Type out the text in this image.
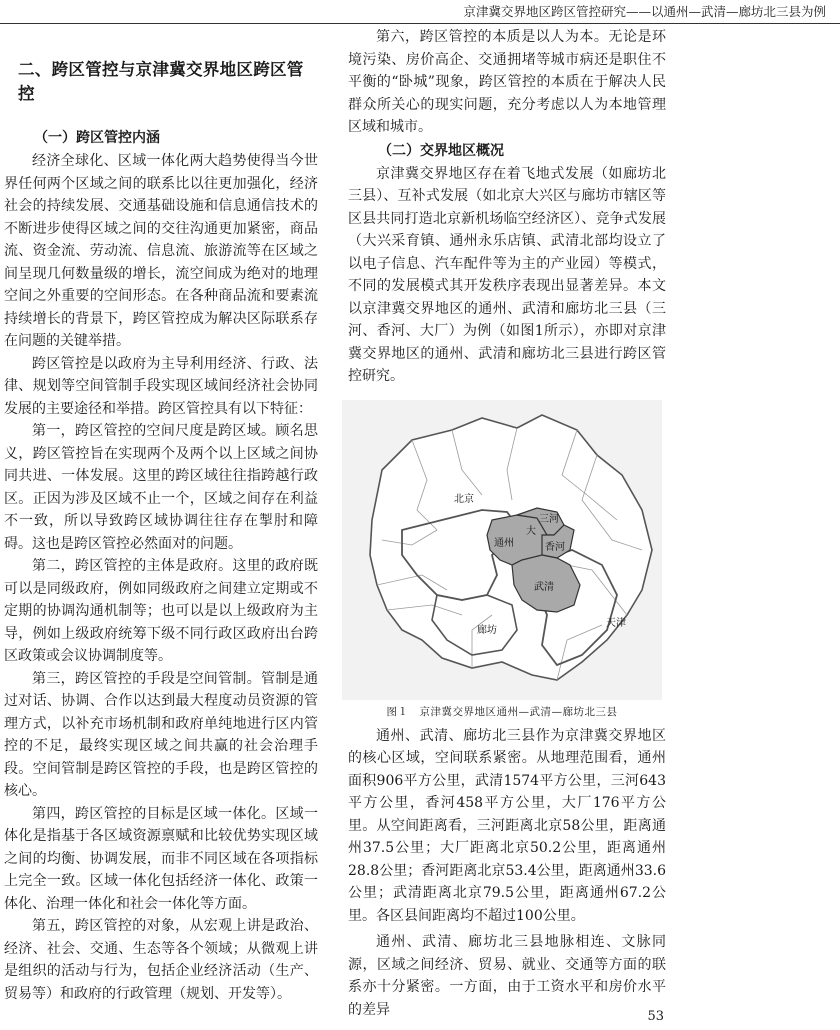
京津冀交界地区跨区管控研究——以通州—武清—廊坊北三县为例
二、跨区管控与京津冀交界地区跨区管控
（一）跨区管控内涵

经济全球化、区域一体化两大趋势使得当今世界任何两个区域之间的联系比以往更加强化，经济社会的持续发展、交通基础设施和信息通信技术的不断进步使得区域之间的交往沟通更加紧密，商品流、资金流、劳动流、信息流、旅游流等在区域之间呈现几何数量级的增长，流空间成为绝对的地理空间之外重要的空间形态。在各种商品流和要素流持续增长的背景下，跨区管控成为解决区际联系存在问题的关键举措。

跨区管控是以政府为主导利用经济、行政、法律、规划等空间管制手段实现区域间经济社会协同发展的主要途径和举措。跨区管控具有以下特征：

第一，跨区管控的空间尺度是跨区域。顾名思义，跨区管控旨在实现两个及两个以上区域之间协同共进、一体发展。这里的跨区域往往指跨越行政区。正因为涉及区域不止一个，区域之间存在利益不一致，所以导致跨区域协调往往存在掣肘和障碍。这也是跨区管控必然面对的问题。

第二，跨区管控的主体是政府。这里的政府既可以是同级政府，例如同级政府之间建立定期或不定期的协调沟通机制等；也可以是以上级政府为主导，例如上级政府统筹下级不同行政区政府出台跨区政策或会议协调制度等。

第三，跨区管控的手段是空间管制。管制是通过对话、协调、合作以达到最大程度动员资源的管理方式，以补充市场机制和政府单纯地进行区内管控的不足，最终实现区域之间共赢的社会治理手段。空间管制是跨区管控的手段，也是跨区管控的核心。

第四，跨区管控的目标是区域一体化。区域一体化是指基于各区域资源禀赋和比较优势实现区域之间的均衡、协调发展，而非不同区域在各项指标上完全一致。区域一体化包括经济一体化、政策一体化、治理一体化和社会一体化等方面。

第五，跨区管控的对象，从宏观上讲是政治、经济、社会、交通、生态等各个领域；从微观上讲是组织的活动与行为，包括企业经济活动（生产、贸易等）和政府的行政管理（规划、开发等）。

第六，跨区管控的本质是以人为本。无论是环境污染、房价高企、交通拥堵等城市病还是职住不平衡的“卧城”现象，跨区管控的本质在于解决人民群众所关心的现实问题，充分考虑以人为本地管理区域和城市。

（二）交界地区概况

京津冀交界地区存在着飞地式发展（如廊坊北三县）、互补式发展（如北京大兴区与廊坊市辖区等区县共同打造北京新机场临空经济区）、竞争式发展（大兴采育镇、通州永乐店镇、武清北部均设立了以电子信息、汽车配件等为主的产业园）等模式，不同的发展模式其开发秩序表现出显著差异。本文以京津冀交界地区的通州、武清和廊坊北三县（三河、香河、大厂）为例（如图1所示），亦即对京津冀交界地区的通州、武清和廊坊北三县进行跨区管控研究。

北京
通州
三河
大
香河
武清
廊坊
天津
图１　京津冀交界地区通州—武清—廊坊北三县

通州、武清、廊坊北三县作为京津冀交界地区的核心区域，空间联系紧密。从地理范围看，通州面积906平方公里，武清1574平方公里，三河643平方公里，香河458平方公里，大厂176平方公里。从空间距离看，三河距离北京58公里，距离通州37.5公里；大厂距离北京50.2公里，距离通州28.8公里；香河距离北京53.4公里，距离通州33.6公里；武清距离北京79.5公里，距离通州67.2公里。各区县间距离均不超过100公里。

通州、武清、廊坊北三县地脉相连、文脉同源，区域之间经济、贸易、就业、交通等方面的联系亦十分紧密。一方面，由于工资水平和房价水平的差异	53
